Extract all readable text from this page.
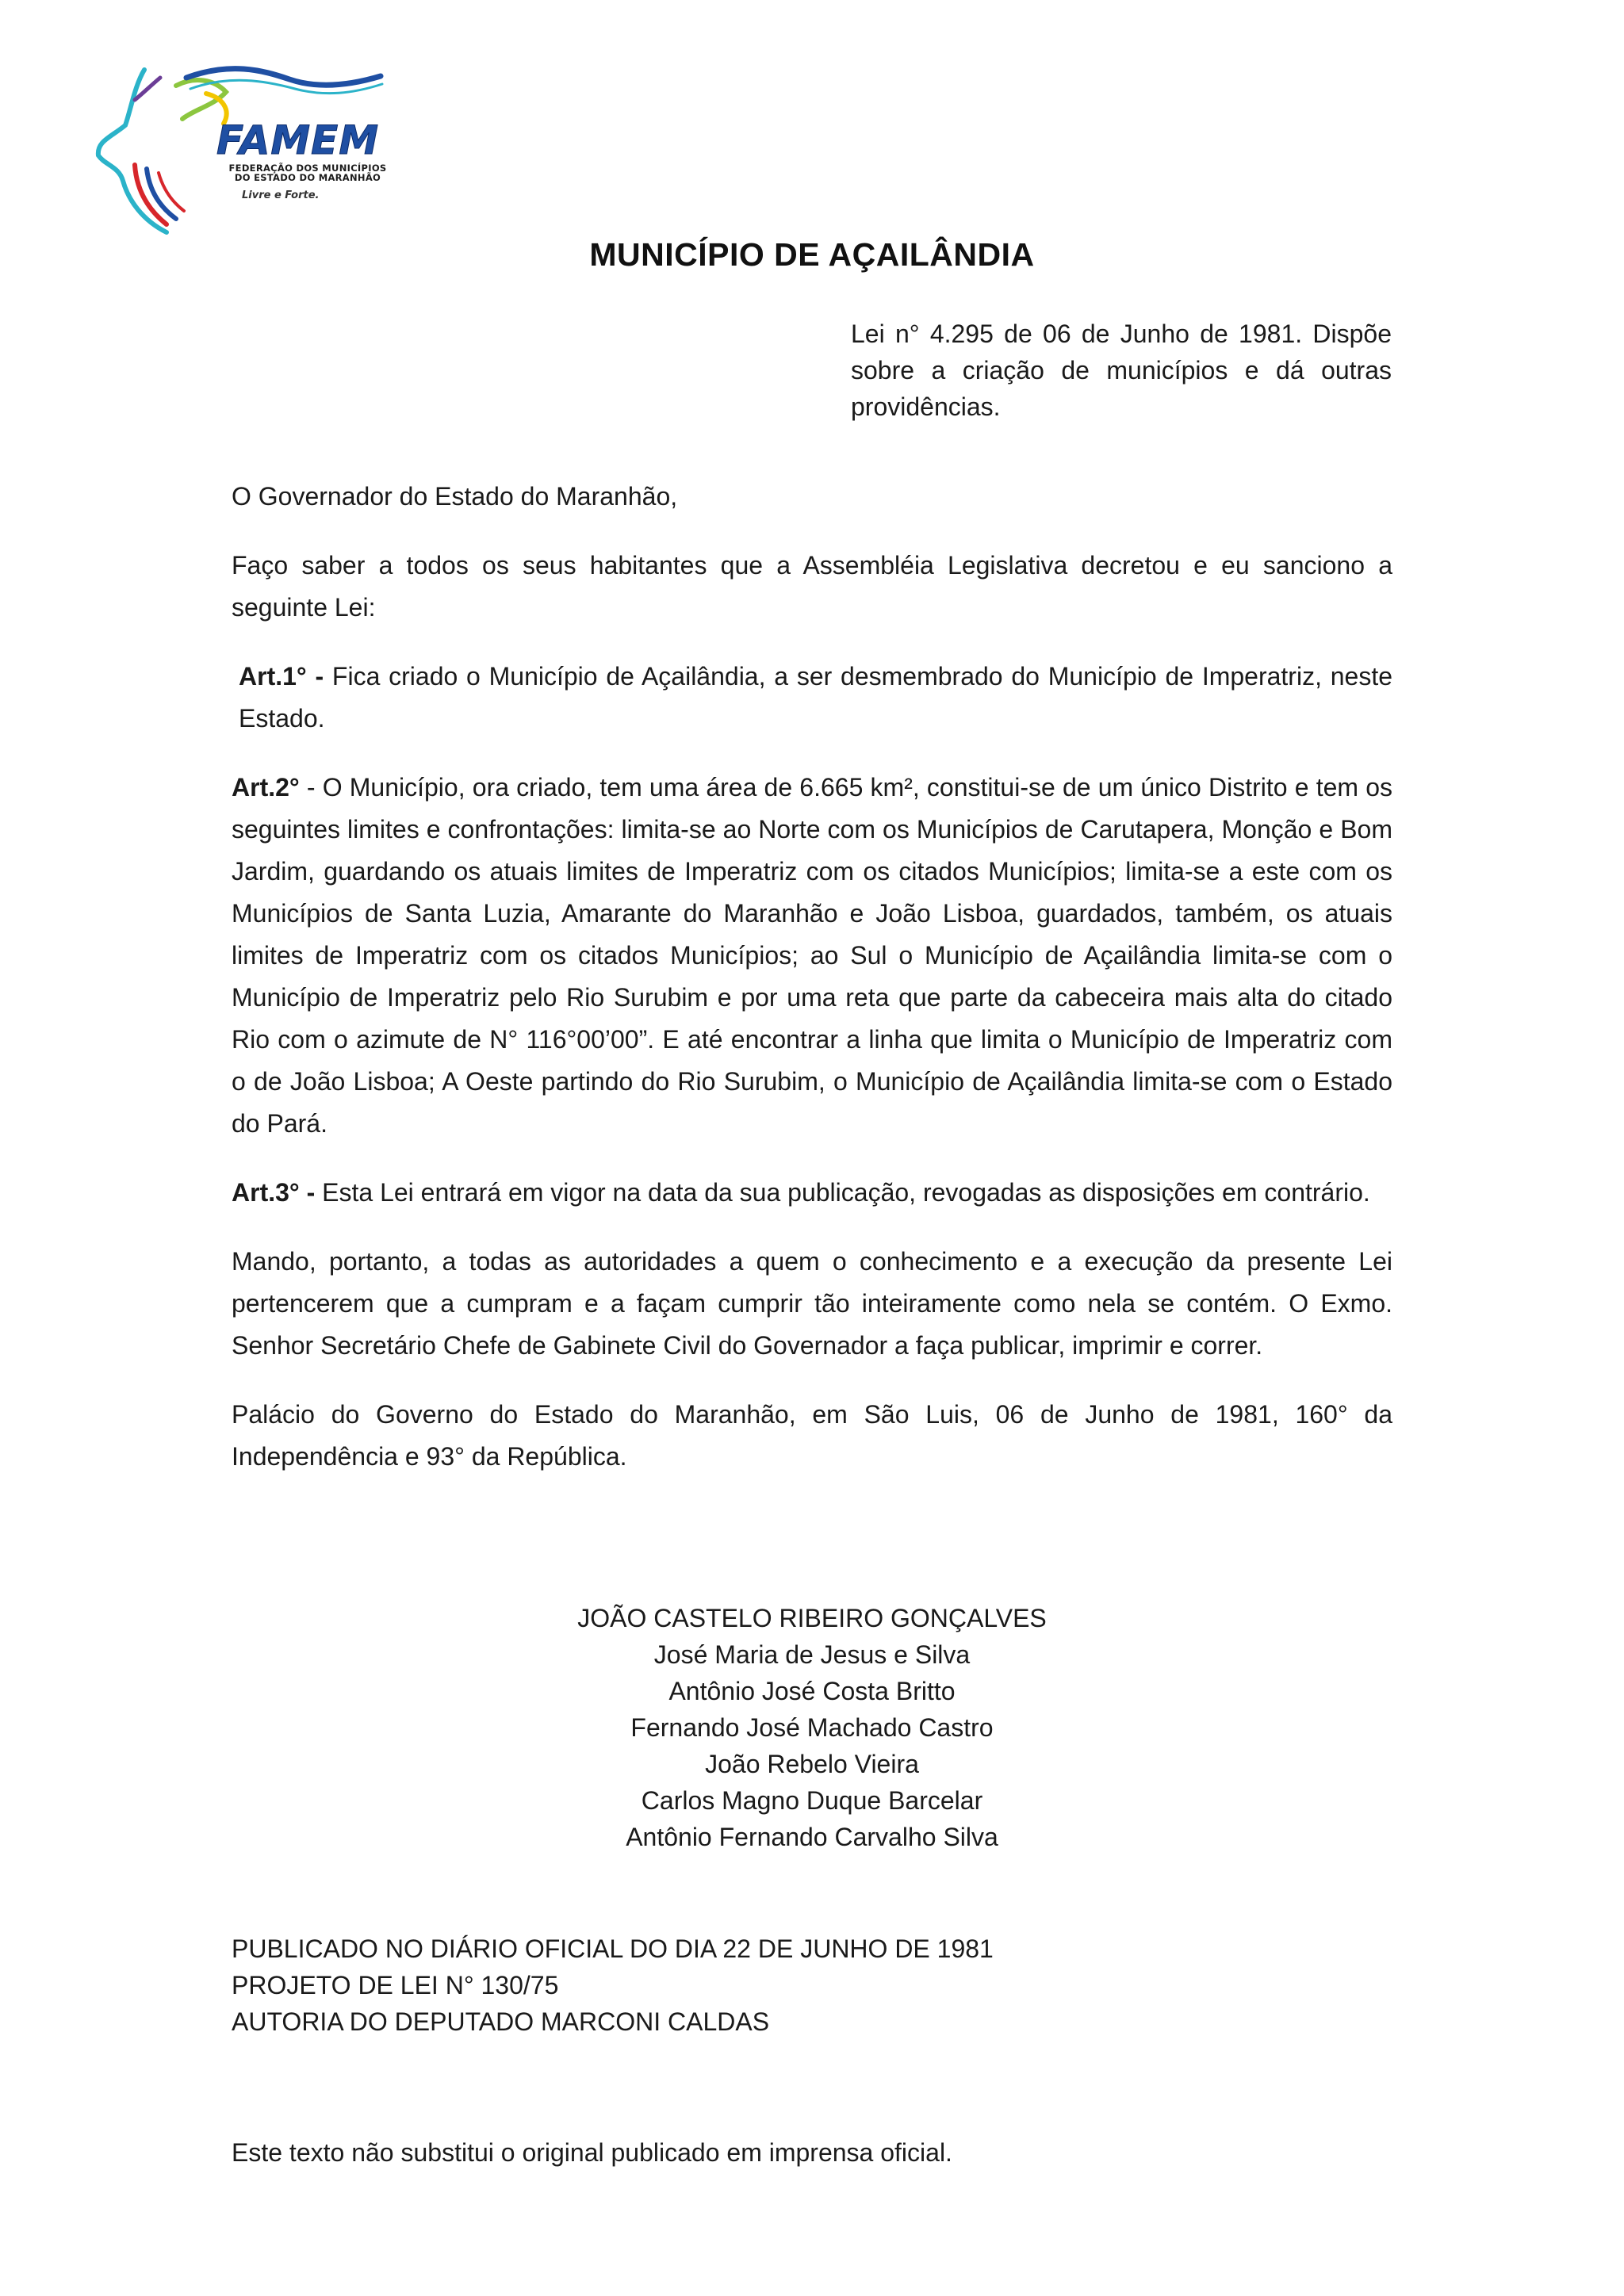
FAMEM
FEDERAÇÃO DOS MUNICÍPIOS
DO ESTADO DO MARANHÃO
Livre e Forte.
MUNICÍPIO DE AÇAILÂNDIA

Lei n° 4.295 de 06 de Junho de 1981. Dispõe sobre a criação de municípios e dá outras providências.

O Governador do Estado do Maranhão,

Faço saber a todos os seus habitantes que a Assembléia Legislativa decretou e eu sanciono a seguinte Lei:

Art.1° - Fica criado o Município de Açailândia, a ser desmembrado do Município de Imperatriz, neste Estado.

Art.2° - O Município, ora criado, tem uma área de 6.665 km², constitui-se de um único Distrito e tem os seguintes limites e confrontações: limita-se ao Norte com os Municípios de Carutapera, Monção e Bom Jardim, guardando os atuais limites de Imperatriz com os citados Municípios; limita-se a este com os Municípios de Santa Luzia, Amarante do Maranhão e João Lisboa, guardados, também, os atuais limites de Imperatriz com os citados Municípios; ao Sul o Município de Açailândia limita-se com o Município de Imperatriz pelo Rio Surubim e por uma reta que parte da cabeceira mais alta do citado Rio com o azimute de N° 116°00’00”. E até encontrar a linha que limita o Município de Imperatriz com o de João Lisboa; A Oeste partindo do Rio Surubim, o Município de Açailândia limita-se com o Estado do Pará.

Art.3° - Esta Lei entrará em vigor na data da sua publicação, revogadas as disposições em contrário.

Mando, portanto, a todas as autoridades a quem o conhecimento e a execução da presente Lei pertencerem que a cumpram e a façam cumprir tão inteiramente como nela se contém. O Exmo. Senhor Secretário Chefe de Gabinete Civil do Governador a faça publicar, imprimir e correr.

Palácio do Governo do Estado do Maranhão, em São Luis, 06 de Junho de 1981, 160° da Independência e 93° da República.

JOÃO CASTELO RIBEIRO GONÇALVES
José Maria de Jesus e Silva
Antônio José Costa Britto
Fernando José Machado Castro
João Rebelo Vieira
Carlos Magno Duque Barcelar
Antônio Fernando Carvalho Silva
PUBLICADO NO DIÁRIO OFICIAL DO DIA 22 DE JUNHO DE 1981
PROJETO DE LEI N° 130/75
AUTORIA DO DEPUTADO MARCONI CALDAS

Este texto não substitui o original publicado em imprensa oficial.
